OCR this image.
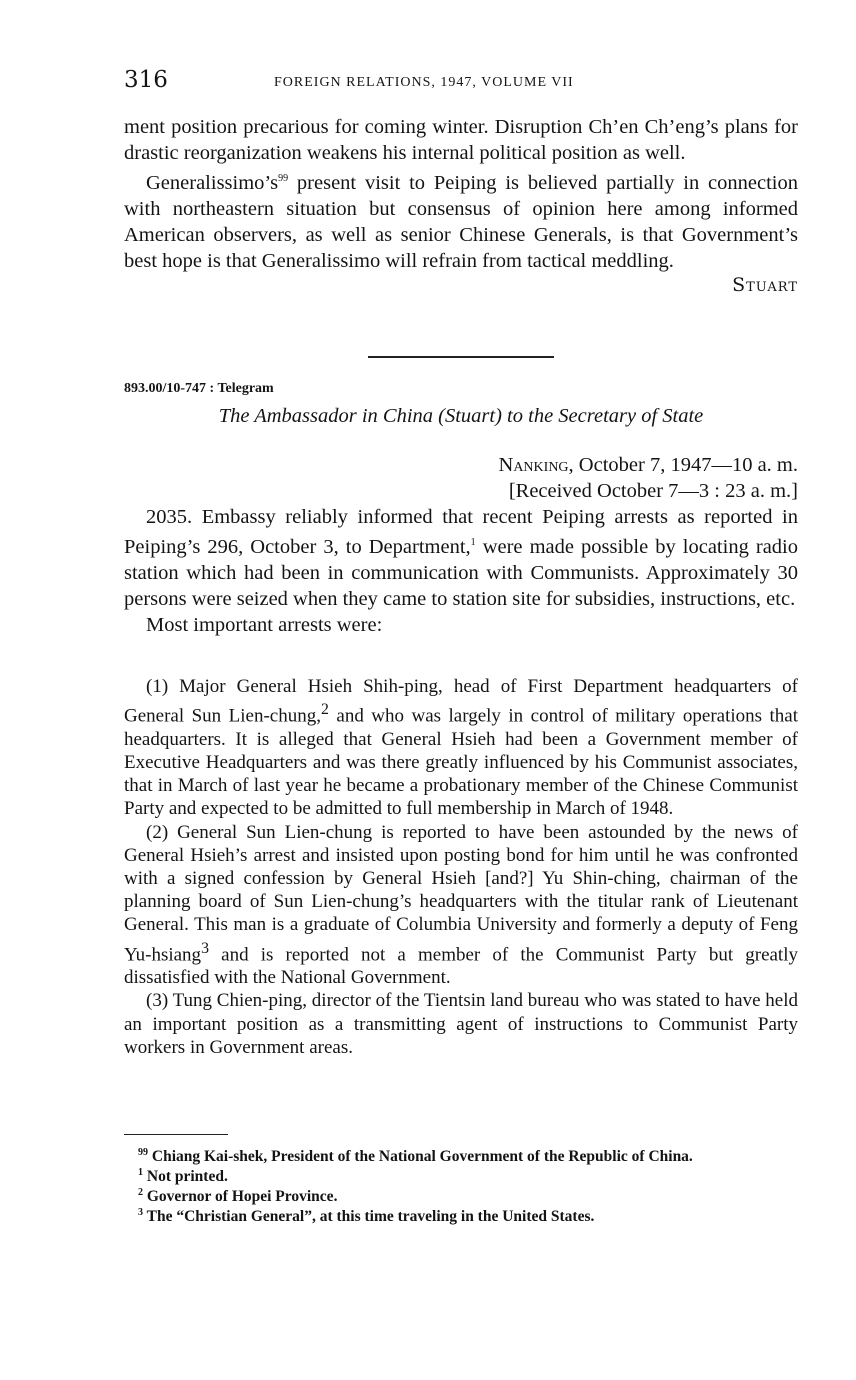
316	FOREIGN RELATIONS, 1947, VOLUME VII

ment position precarious for coming winter. Disruption Ch’en Ch’eng’s plans for drastic reorganization weakens his internal political position as well.

$Generalissimo’s^{99}$ present visit to Peiping is believed partially in connection with northeastern situation but consensus of opinion here among informed American observers, as well as senior Chinese Generals, is that Government’s best hope is that Generalissimo will refrain from tactical meddling.

Stuart
893.00/10-747 : Telegram
The Ambassador in China (Stuart) to the Secretary of State
Nanking, October 7, 1947—10 a. m.
[Received October 7—3 : 23 a. m.]

2035. Embassy reliably informed that recent Peiping arrests as reported in Peiping’s 296, October 3, to Department,$^1$ were made possible by locating radio station which had been in communication with Communists. Approximately 30 persons were seized when they came to station site for subsidies, instructions, etc.

Most important arrests were:

(1) Major General Hsieh Shih-ping, head of First Department headquarters of General Sun Lien-chung,$^2$ and who was largely in control of military operations that headquarters. It is alleged that General Hsieh had been a Government member of Executive Headquarters and was there greatly influenced by his Communist associates, that in March of last year he became a probationary member of the Chinese Communist Party and expected to be admitted to full membership in March of 1948.

(2) General Sun Lien-chung is reported to have been astounded by the news of General Hsieh’s arrest and insisted upon posting bond for him until he was confronted with a signed confession by General Hsieh [and?] Yu Shin-ching, chairman of the planning board of Sun Lien-chung’s headquarters with the titular rank of Lieutenant General. This man is a graduate of Columbia University and formerly a deputy of Feng Yu-hsiang$^3$ and is reported not a member of the Communist Party but greatly dissatisfied with the National Government.

(3) Tung Chien-ping, director of the Tientsin land bureau who was stated to have held an important position as a transmitting agent of instructions to Communist Party workers in Government areas.

$^{99}$ Chiang Kai-shek, President of the National Government of the Republic of China.

$^1$ Not printed.

$^2$ Governor of Hopei Province.

$^3$ The “Christian General”, at this time traveling in the United States.
